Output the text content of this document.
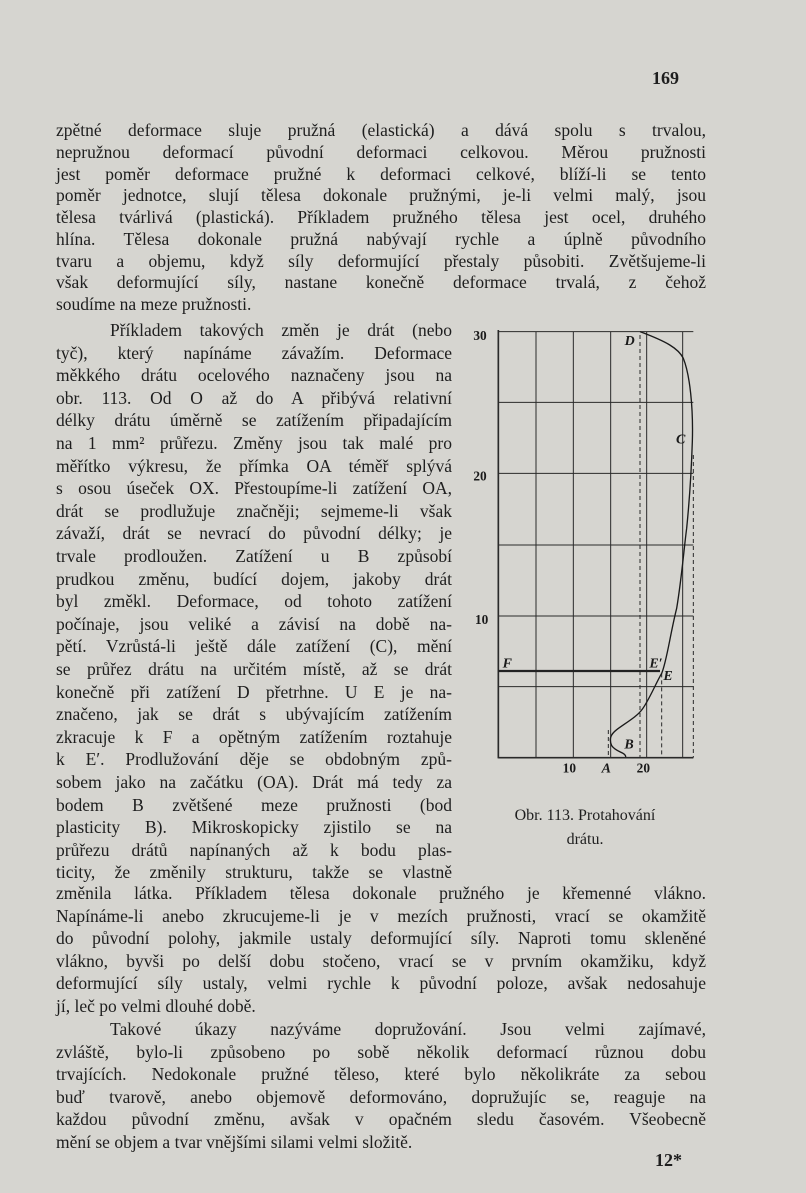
169
zpětné deformace sluje pružná (elastická) a dává spolu s trvalou,
nepružnou deformací původní deformaci celkovou. Měrou pružnosti
jest poměr deformace pružné k deformaci celkové, blíží-li se tento
poměr jednotce, slují tělesa dokonale pružnými, je-li velmi malý, jsou
tělesa tvárlivá (plastická). Příkladem pružného tělesa jest ocel, druhého
hlína. Tělesa dokonale pružná nabývají rychle a úplně původního
tvaru a objemu, když síly deformující přestaly působiti. Zvětšujeme-li
však deformující síly, nastane konečně deformace trvalá, z čehož
soudíme na meze pružnosti.
Příkladem takových změn je drát (nebo
tyč), který napínáme závažím. Deformace
měkkého drátu ocelového naznačeny jsou na
obr. 113. Od O až do A přibývá relativní
délky drátu úměrně se zatížením připadajícím
na 1 mm² průřezu. Změny jsou tak malé pro
měřítko výkresu, že přímka OA téměř splývá
s osou úseček OX. Přestoupíme-li zatížení OA,
drát se prodlužuje značněji; sejmeme-li však
závaží, drát se nevrací do původní délky; je
trvale prodloužen. Zatížení u B způsobí
prudkou změnu, budící dojem, jakoby drát
byl změkl. Deformace, od tohoto zatížení
počínaje, jsou veliké a závisí na době na-
pětí. Vzrůstá-li ještě dále zatížení (C), mění
se průřez drátu na určitém místě, až se drát
konečně při zatížení D přetrhne. U E je na-
značeno, jak se drát s ubývajícím zatížením
zkracuje k F a opětným zatížením roztahuje
k E′. Prodlužování děje se obdobným způ-
sobem jako na začátku (OA). Drát má tedy za
bodem B zvětšené meze pružnosti (bod
plasticity B). Mikroskopicky zjistilo se na
průřezu drátů napínaných až k bodu plas-
ticity, že změnily strukturu, takže se vlastně
změnila látka. Příkladem tělesa dokonale pružného je křemenné vlákno.
Napínáme-li anebo zkrucujeme-li je v mezích pružnosti, vrací se okamžitě
do původní polohy, jakmile ustaly deformující síly. Naproti tomu skleněné
vlákno, byvši po delší dobu stočeno, vrací se v prvním okamžiku, když
deformující síly ustaly, velmi rychle k původní poloze, avšak nedosahuje
jí, leč po velmi dlouhé době.
Takové úkazy nazýváme dopružování. Jsou velmi zajímavé,
zvláště, bylo-li způsobeno po sobě několik deformací různou dobu
trvajících. Nedokonale pružné těleso, které bylo několikráte za sebou
buď tvarově, anebo objemově deformováno, dopružujíc se, reaguje na
každou původní změnu, avšak v opačném sledu časovém. Všeobecně
mění se objem a tvar vnějšími silami velmi složitě.
30
20
10
10 20
A
B
C
D
E
E′
F
Obr. 113. Protahování
drátu.
12*
